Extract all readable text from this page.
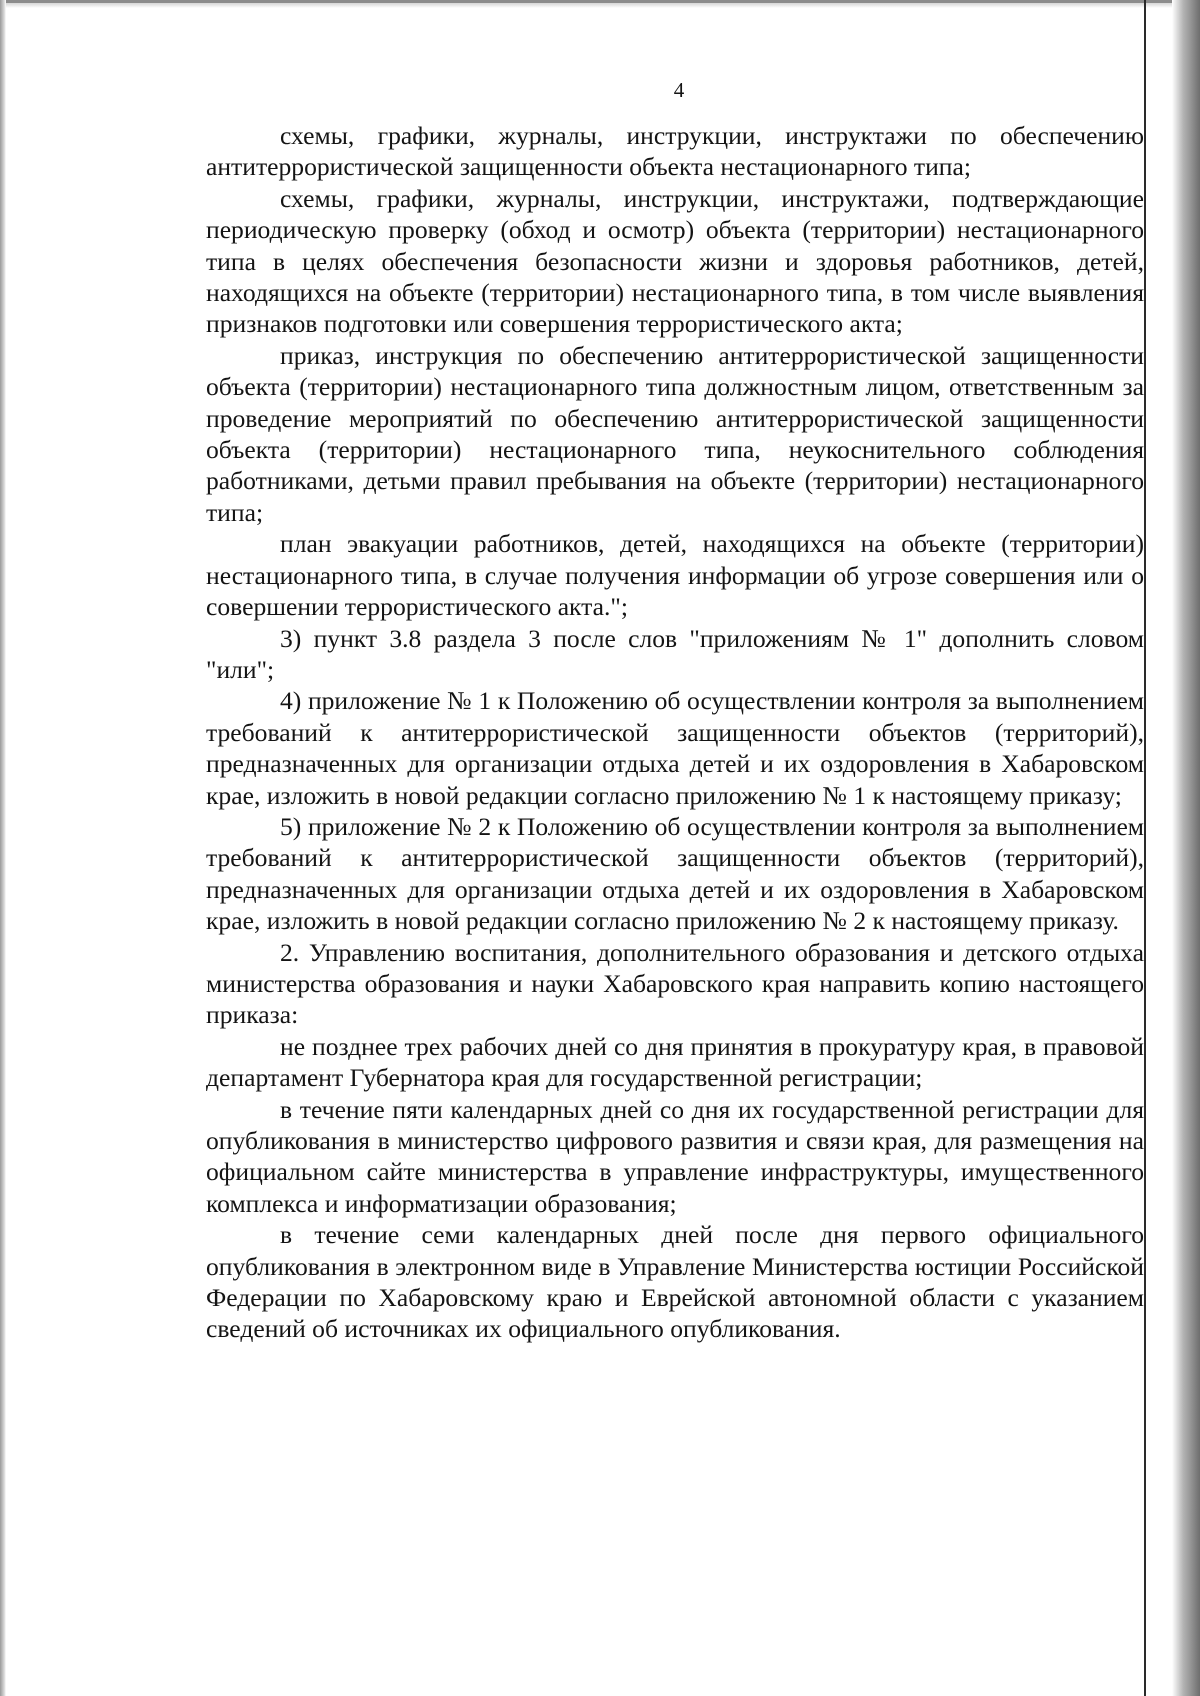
4

схемы, графики, журналы, инструкции, инструктажи по обеспечению антитеррористической защищенности объекта нестационарного типа;

схемы, графики, журналы, инструкции, инструктажи, подтверждающие периодическую проверку (обход и осмотр) объекта (территории) нестационарного типа в целях обеспечения безопасности жизни и здоровья работников, детей, находящихся на объекте (территории) нестационарного типа, в том числе выявления признаков подготовки или совершения террористического акта;

приказ, инструкция по обеспечению антитеррористической защищенности объекта (территории) нестационарного типа должностным лицом, ответственным за проведение мероприятий по обеспечению антитеррористической защищенности объекта (территории) нестационарного типа, неукоснительного соблюдения работниками, детьми правил пребывания на объекте (территории) нестационарного типа;

план эвакуации работников, детей, находящихся на объекте (территории) нестационарного типа, в случае получения информации об угрозе совершения или о совершении террористического акта.";

3) пункт 3.8 раздела 3 после слов "приложениям № 1" дополнить словом "или";

4) приложение № 1 к Положению об осуществлении контроля за выполнением требований к антитеррористической защищенности объектов (территорий), предназначенных для организации отдыха детей и их оздоровления в Хабаровском крае, изложить в новой редакции согласно приложению № 1 к настоящему приказу;

5) приложение № 2 к Положению об осуществлении контроля за выполнением требований к антитеррористической защищенности объектов (территорий), предназначенных для организации отдыха детей и их оздоровления в Хабаровском крае, изложить в новой редакции согласно приложению № 2 к настоящему приказу.

2. Управлению воспитания, дополнительного образования и детского отдыха министерства образования и науки Хабаровского края направить копию настоящего приказа:

не позднее трех рабочих дней со дня принятия в прокуратуру края, в правовой департамент Губернатора края для государственной регистрации;

в течение пяти календарных дней со дня их государственной регистрации для опубликования в министерство цифрового развития и связи края, для размещения на официальном сайте министерства в управление инфраструктуры, имущественного комплекса и информатизации образования;

в течение семи календарных дней после дня первого официального опубликования в электронном виде в Управление Министерства юстиции Российской Федерации по Хабаровскому краю и Еврейской автономной области с указанием сведений об источниках их официального опубликования.
